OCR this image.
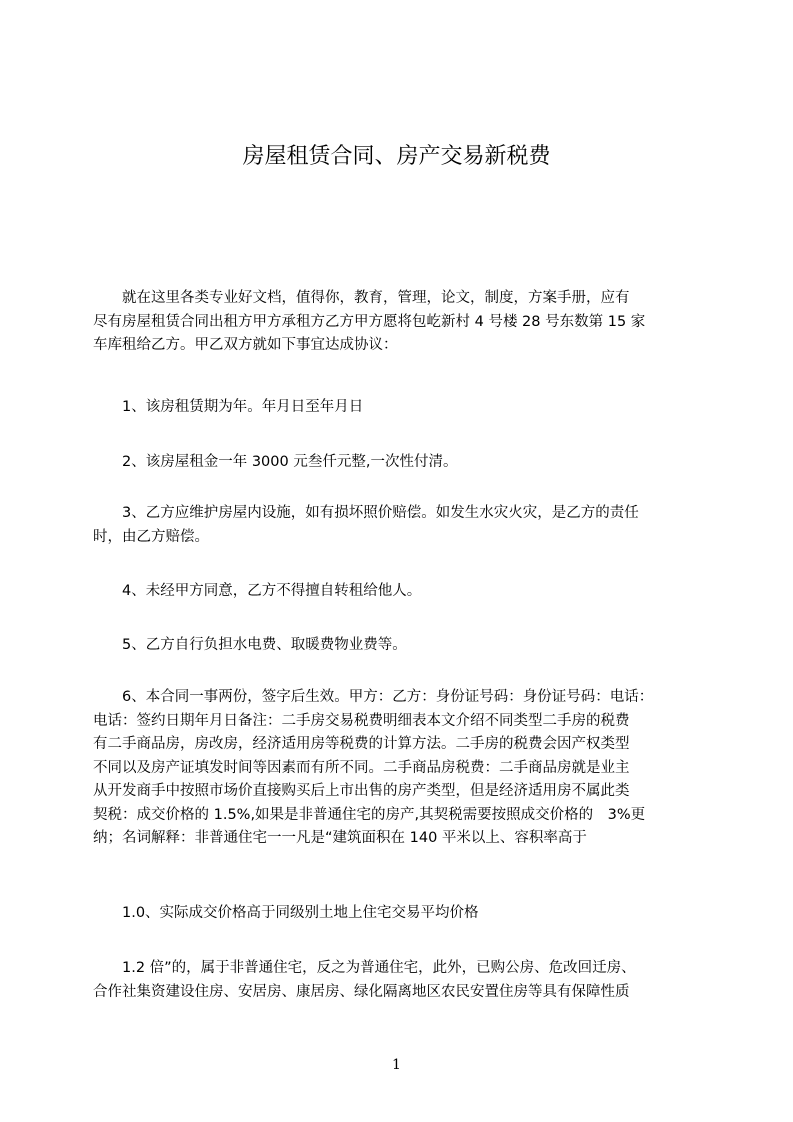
房屋租赁合同、房产交易新税费
　　就在这里各类专业好文档，值得你，教育，管理，论文，制度，方案手册，应有
尽有房屋租赁合同出租方甲方承租方乙方甲方愿将包屹新村 4 号楼 28 号东数第 15 家
车库租给乙方。甲乙双方就如下事宜达成协议：
　　1、该房租赁期为年。年月日至年月日
　　2、该房屋租金一年 3000 元叁仟元整,一次性付清。
　　3、乙方应维护房屋内设施，如有损坏照价赔偿。如发生水灾火灾，是乙方的责任
时，由乙方赔偿。
　　4、未经甲方同意，乙方不得擅自转租给他人。
　　5、乙方自行负担水电费、取暖费物业费等。
　　6、本合同一事两份，签字后生效。甲方：乙方：身份证号码：身份证号码：电话：
电话：签约日期年月日备注：二手房交易税费明细表本文介绍不同类型二手房的税费
有二手商品房，房改房，经济适用房等税费的计算方法。二手房的税费会因产权类型
不同以及房产证填发时间等因素而有所不同。二手商品房税费：二手商品房就是业主
从开发商手中按照市场价直接购买后上市出售的房产类型，但是经济适用房不属此类
契税：成交价格的 1.5%,如果是非普通住宅的房产,其契税需要按照成交价格的　3%更
纳；名词解释：非普通住宅一一凡是“建筑面积在 140 平米以上、容积率高于
　　1.0、实际成交价格高于同级别土地上住宅交易平均价格
　　1.2 倍”的，属于非普通住宅，反之为普通住宅，此外，已购公房、危改回迁房、
合作社集资建设住房、安居房、康居房、绿化隔离地区农民安置住房等具有保障性质
1
